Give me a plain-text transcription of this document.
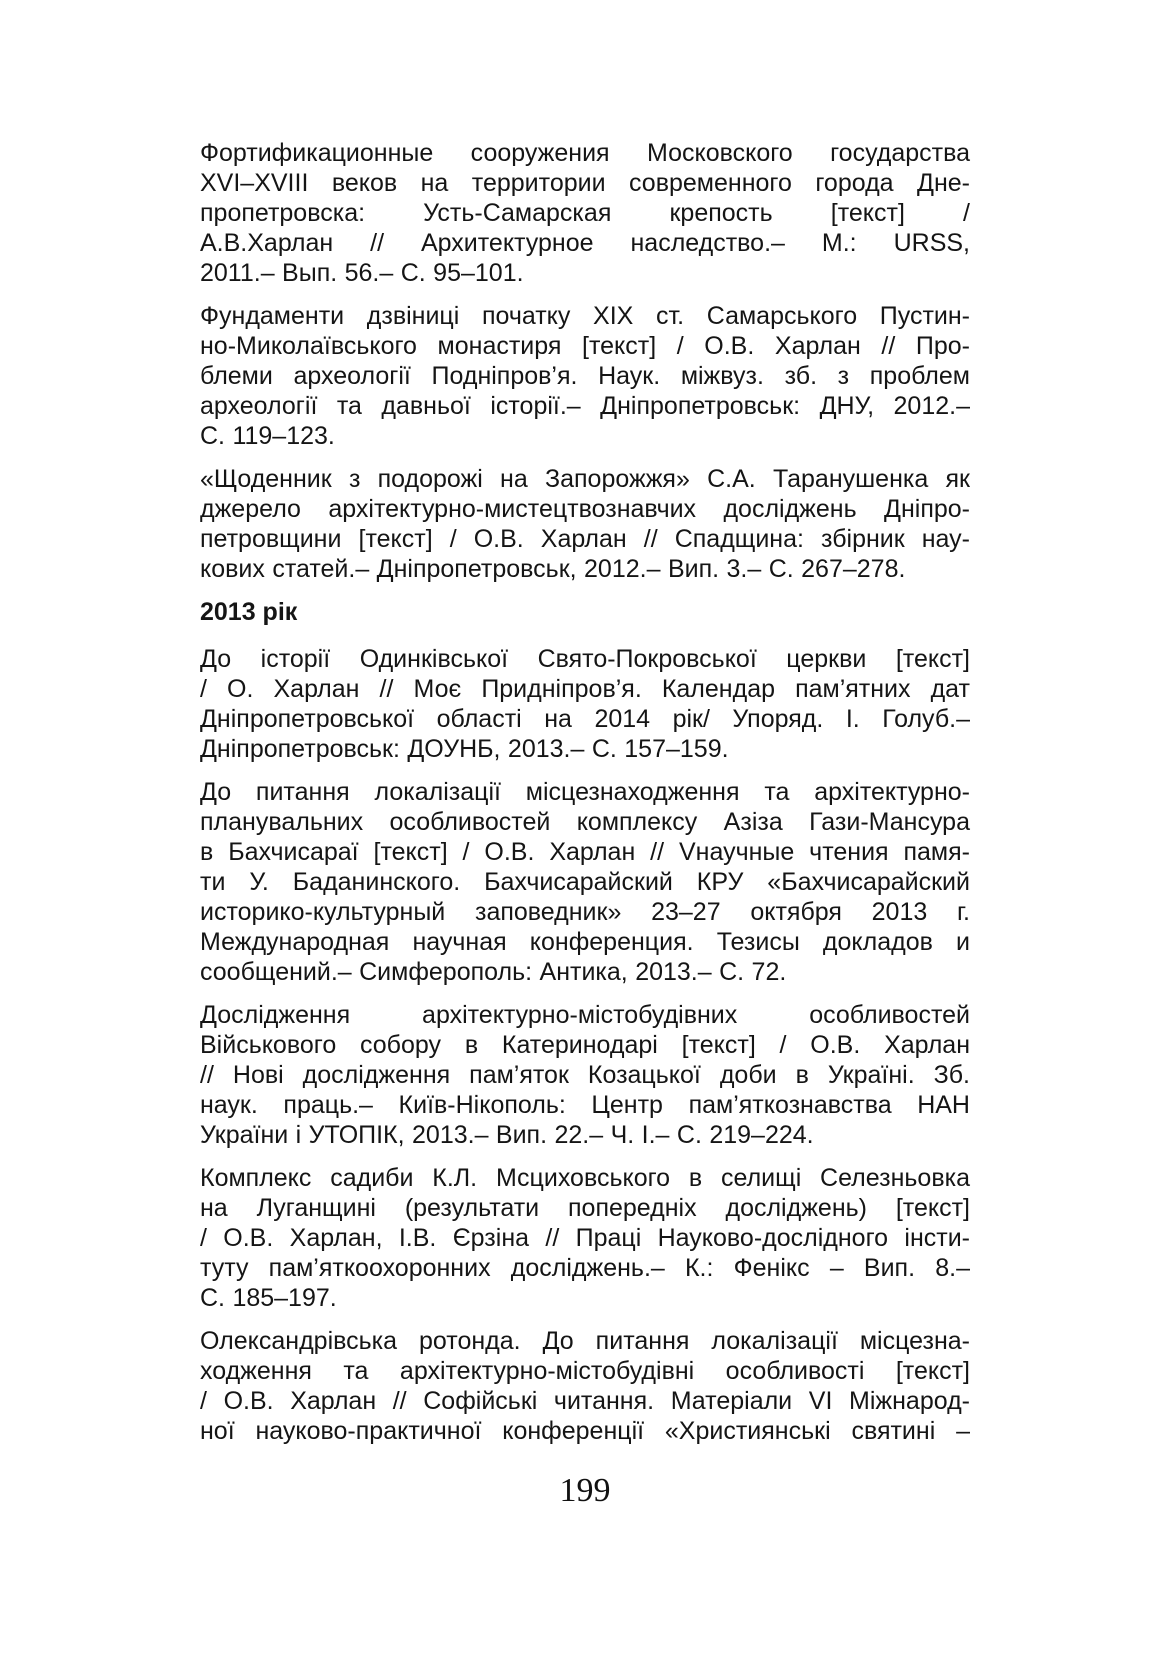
Фортификационные сооружения Московского государства
XVI–XVIII веков на территории современного города Дне-
пропетровска: Усть-Самарская крепость [текст] /
А.В.Харлан // Архитектурное наследство.– М.: URSS,
2011.– Вып. 56.– С. 95–101.
Фундаменти дзвіниці початку XIX ст. Самарського Пустин-
но-Миколаївського монастиря [текст] / О.В. Харлан // Про-
блеми археології Подніпров’я. Наук. міжвуз. зб. з проблем
археології та давньої історії.– Дніпропетровськ: ДНУ, 2012.–
С. 119–123.
«Щоденник з подорожі на Запорожжя» С.А. Таранушенка як
джерело архітектурно-мистецтвознавчих досліджень Дніпро-
петровщини [текст] / О.В. Харлан // Спадщина: збірник нау-
кових статей.– Дніпропетровськ, 2012.– Вип. 3.– С. 267–278.
2013 рік
До історії Одинківської Свято-Покровської церкви [текст]
/ О. Харлан // Моє Придніпров’я. Календар пам’ятних дат
Дніпропетровської області на 2014 рік/ Упоряд. І. Голуб.–
Дніпропетровськ: ДОУНБ, 2013.– С. 157–159.
До питання локалізації місцезнаходження та архітектурно-
планувальних особливостей комплексу Азіза Гази-Мансура
в Бахчисараї [текст] / О.В. Харлан // Vнаучные чтения памя-
ти У. Баданинского. Бахчисарайский КРУ «Бахчисарайский
историко-культурный заповедник» 23–27 октября 2013 г.
Международная научная конференция. Тезисы докладов и
сообщений.– Симферополь: Антика, 2013.– С. 72.
Дослідження архітектурно-містобудівних особливостей
Військового собору в Катеринодарі [текст] / О.В. Харлан
// Нові дослідження пам’яток Козацької доби в Україні. Зб.
наук. праць.– Київ-Нікополь: Центр пам’яткознавства НАН
України і УТОПІК, 2013.– Вип. 22.– Ч. І.– С. 219–224.
Комплекс садиби К.Л. Мсциховського в селищі Селезньовка
на Луганщині (результати попередніх досліджень) [текст]
/ О.В. Харлан, І.В. Єрзіна // Праці Науково-дослідного інсти-
туту пам’яткоохоронних досліджень.– К.: Фенікс – Вип. 8.–
С. 185–197.
Олександрівська ротонда. До питання локалізації місцезна-
ходження та архітектурно-містобудівні особливості [текст]
/ О.В. Харлан // Софійські читання. Матеріали VI Міжнарод-
ної науково-практичної конференції «Християнські святині –
199
